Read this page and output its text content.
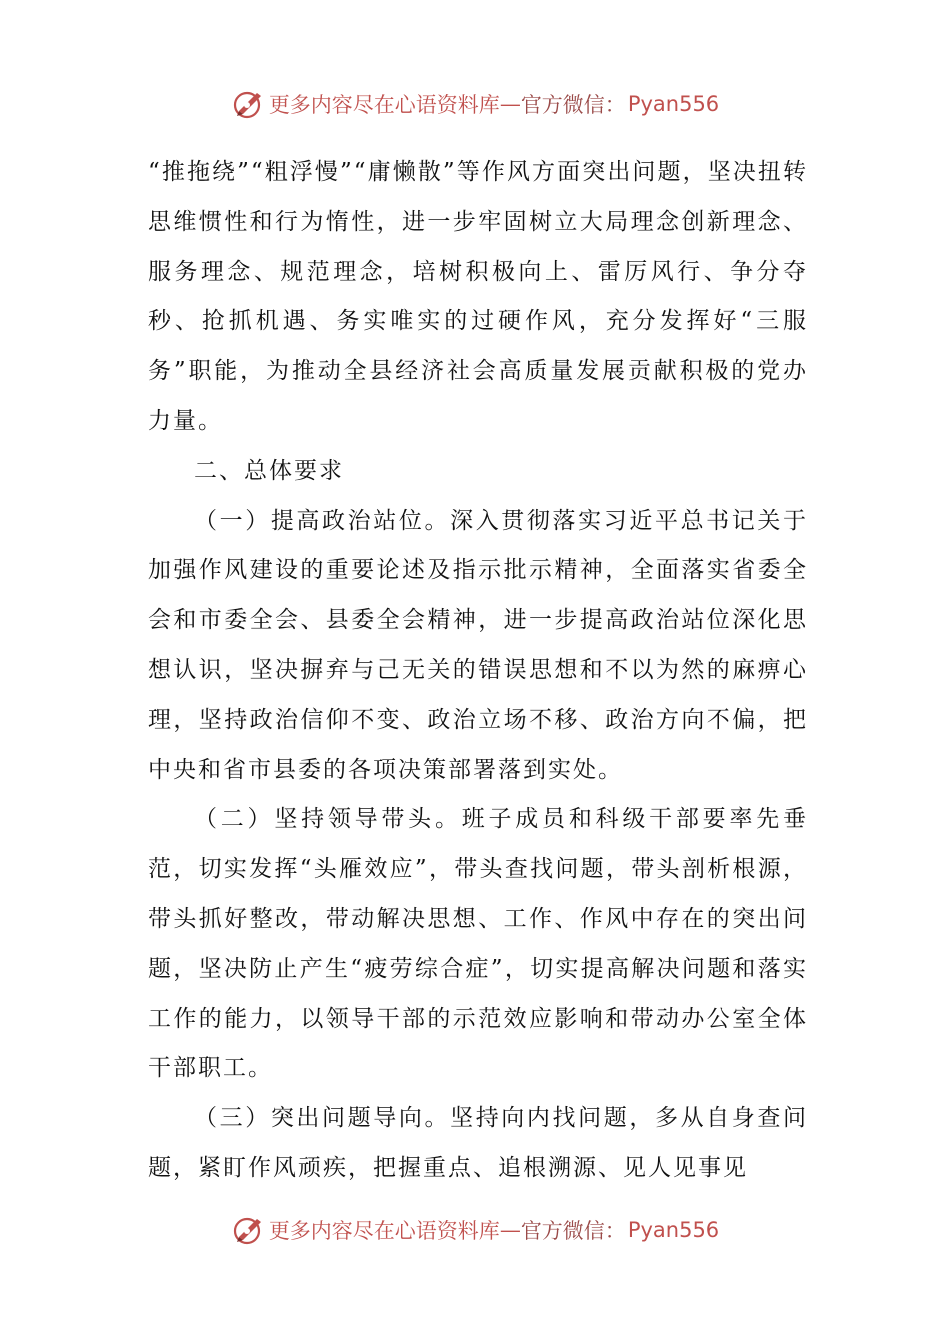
更多内容尽在心语资料库 — 官方微信： Pyan556

“推拖绕”“粗浮慢”“庸懒散”等作风方面突出问题，坚决扭转思维惯性和行为惰性，进一步牢固树立大局理念创新理念、服务理念、规范理念，培树积极向上、雷厉风行、争分夺秒、抢抓机遇、务实唯实的过硬作风，充分发挥好“三服务”职能，为推动全县经济社会高质量发展贡献积极的党办力量。

二、总体要求

（一）提高政治站位。深入贯彻落实习近平总书记关于加强作风建设的重要论述及指示批示精神，全面落实省委全会和市委全会、县委全会精神，进一步提高政治站位深化思想认识，坚决摒弃与己无关的错误思想和不以为然的麻痹心理，坚持政治信仰不变、政治立场不移、政治方向不偏，把中央和省市县委的各项决策部署落到实处。

（二）坚持领导带头。班子成员和科级干部要率先垂范，切实发挥“头雁效应”，带头查找问题，带头剖析根源，带头抓好整改，带动解决思想、工作、作风中存在的突出问题，坚决防止产生“疲劳综合症”，切实提高解决问题和落实工作的能力，以领导干部的示范效应影响和带动办公室全体干部职工。

（三）突出问题导向。坚持向内找问题，多从自身查问题，紧盯作风顽疾，把握重点、追根溯源、见人见事见

更多内容尽在心语资料库 — 官方微信： Pyan556
